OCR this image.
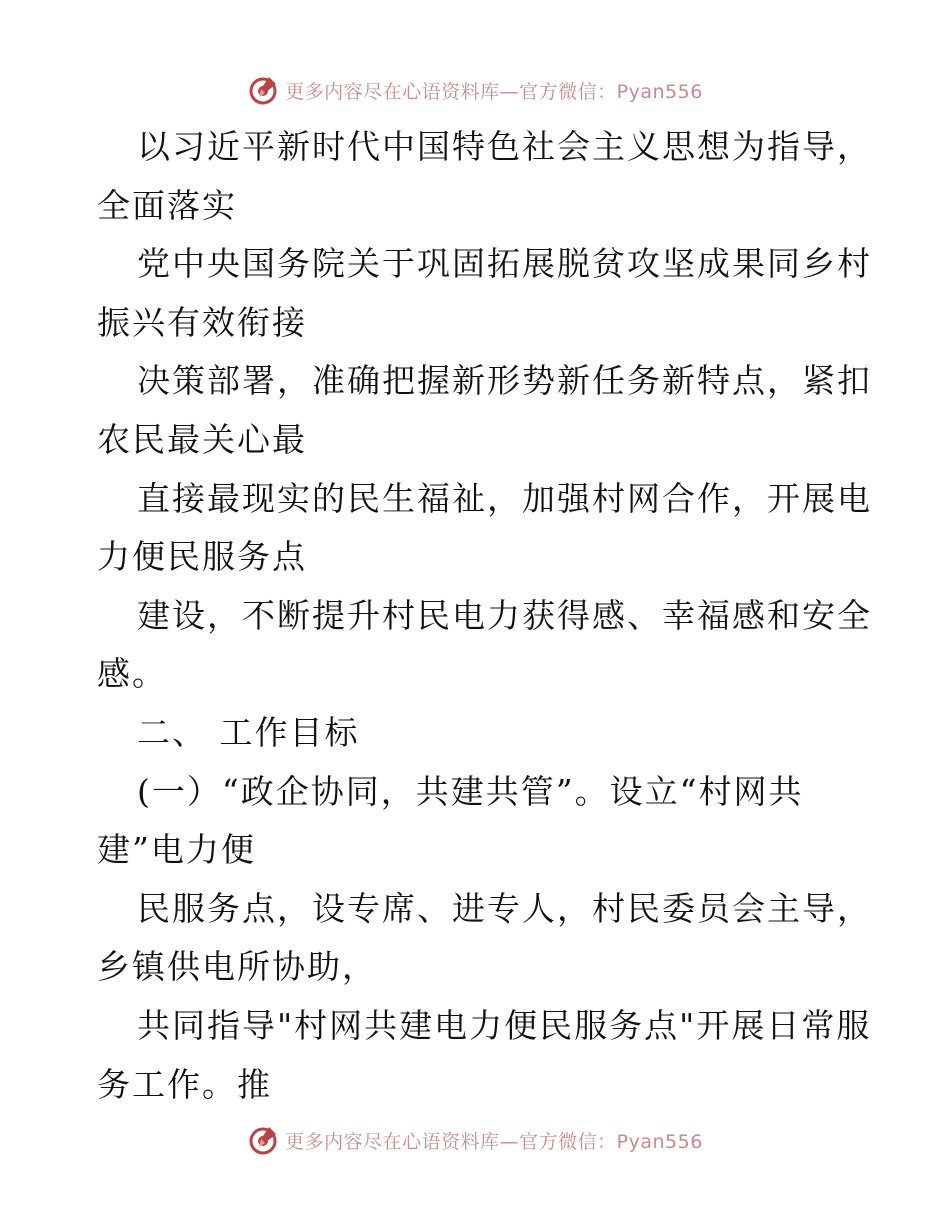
更多内容尽在心语资料库—官方微信：Pyan556
以习近平新时代中国特色社会主义思想为指导，
全面落实
党中央国务院关于巩固拓展脱贫攻坚成果同乡村
振兴有效衔接
决策部署，准确把握新形势新任务新特点，紧扣
农民最关心最
直接最现实的民生福祉，加强村网合作，开展电
力便民服务点
建设，不断提升村民电力获得感、幸福感和安全
感。
二、 工作目标
(一）“政企协同，共建共管”。设立“村网共
建”电力便
民服务点，设专席、进专人，村民委员会主导，
乡镇供电所协助，
共同指导"村网共建电力便民服务点"开展日常服
务工作。推
更多内容尽在心语资料库—官方微信：Pyan556
